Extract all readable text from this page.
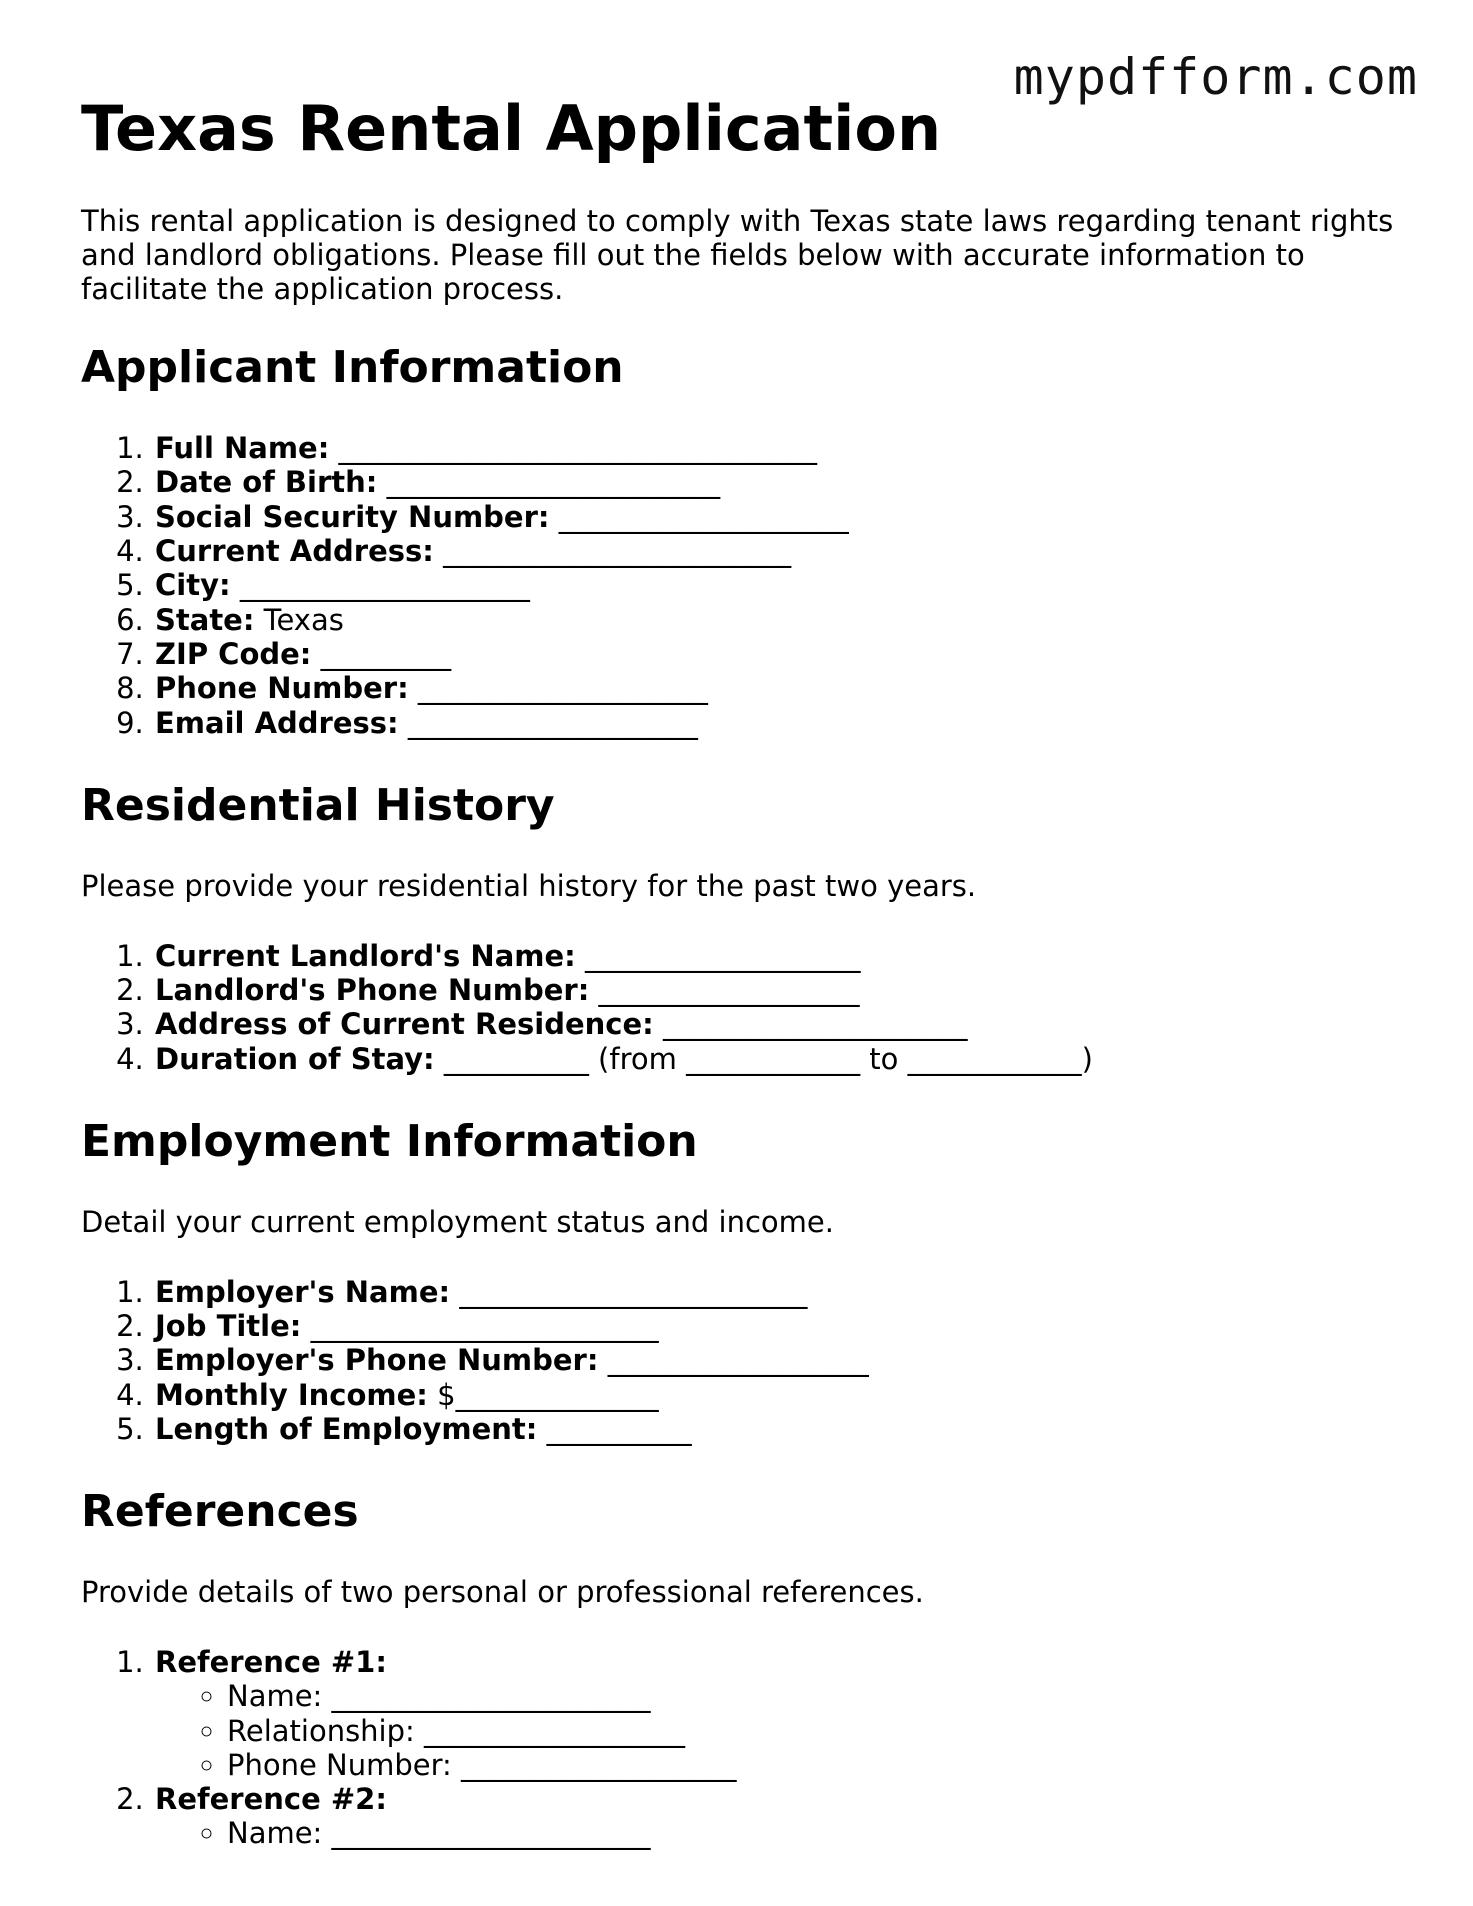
mypdfform.com
Texas Rental Application

This rental application is designed to comply with Texas state laws regarding tenant rights and landlord obligations. Please fill out the fields below with accurate information to facilitate the application process.

Applicant Information
1. Full Name: _________________________________
2. Date of Birth: _______________________
3. Social Security Number: ____________________
4. Current Address: ________________________
5. City: ____________________
6. State: Texas
7. ZIP Code: _________
8. Phone Number: ____________________
9. Email Address: ____________________
Residential History

Please provide your residential history for the past two years.

1. Current Landlord's Name: ___________________
2. Landlord's Phone Number: __________________
3. Address of Current Residence: _____________________
4. Duration of Stay: __________ (from ____________ to ____________)
Employment Information

Detail your current employment status and income.

1. Employer's Name: ________________________
2. Job Title: ________________________
3. Employer's Phone Number: __________________
4. Monthly Income: $______________
5. Length of Employment: __________
References

Provide details of two personal or professional references.

1. Reference #1:
◦ Name: ______________________
◦ Relationship: __________________
◦ Phone Number: ___________________
2. Reference #2:
◦ Name: ______________________
